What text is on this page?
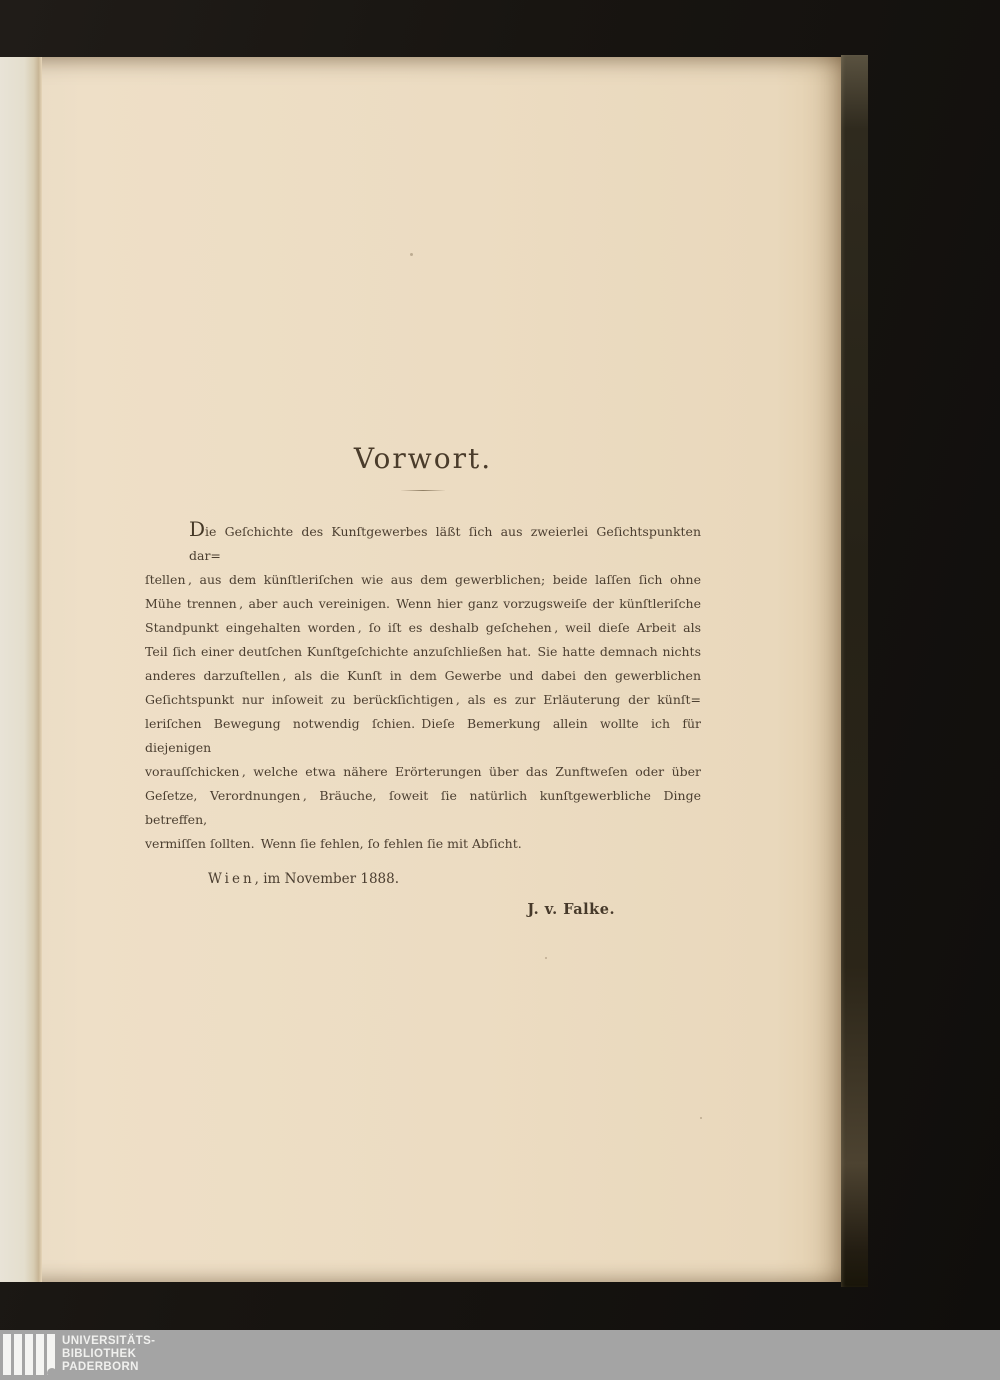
Vorwort.
Die Geſchichte des Kunſtgewerbes läßt ſich aus zweierlei Geſichtspunkten dar=
ſtellen , aus dem künſtleriſchen wie aus dem gewerblichen; beide laſſen ſich ohne
Mühe trennen , aber auch vereinigen. Wenn hier ganz vorzugsweiſe der künſtleriſche
Standpunkt eingehalten worden , ſo iſt es deshalb geſchehen , weil dieſe Arbeit als
Teil ſich einer deutſchen Kunſtgeſchichte anzuſchließen hat. Sie hatte demnach nichts
anderes darzuſtellen , als die Kunſt in dem Gewerbe und dabei den gewerblichen
Geſichtspunkt nur inſoweit zu berückſichtigen , als es zur Erläuterung der künſt=
leriſchen Bewegung notwendig ſchien. Dieſe Bemerkung allein wollte ich für diejenigen
vorauſſchicken , welche etwa nähere Erörterungen über das Zunftweſen oder über
Geſetze, Verordnungen , Bräuche, ſoweit ſie natürlich kunſtgewerbliche Dinge betreffen,
vermiſſen ſollten. Wenn ſie fehlen, ſo fehlen ſie mit Abſicht.
Wien, im November 1888.
J. v. Falke.
UNIVERSITÄTS-
BIBLIOTHEK
PADERBORN
